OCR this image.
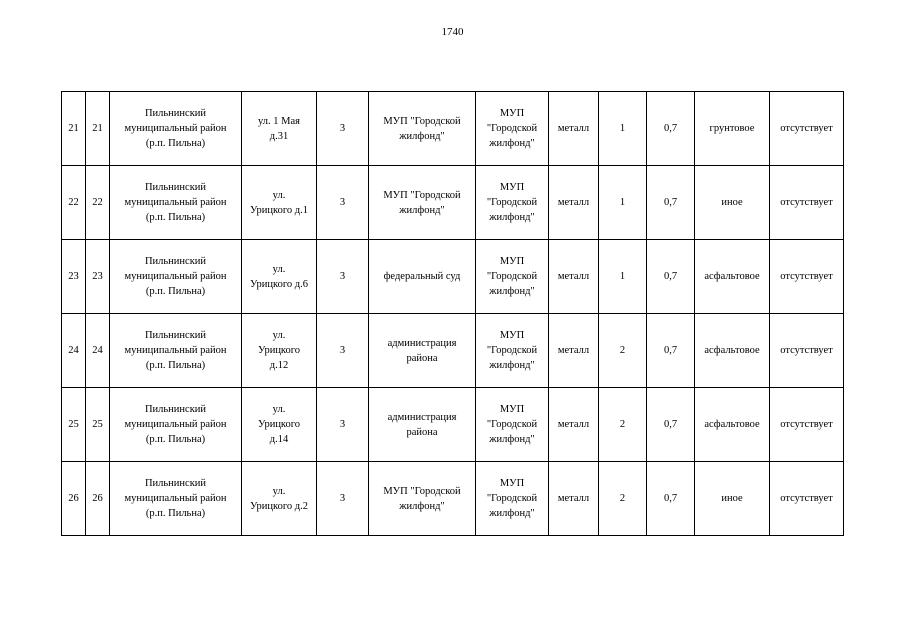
1740
21	21	Пильнинский
муниципальный район
(р.п. Пильна)	ул. 1 Мая
д.31	3	МУП "Городской
жилфонд"	МУП
"Городской
жилфонд"	металл	1	0,7	грунтовое	отсутствует

22	22	Пильнинский
муниципальный район
(р.п. Пильна)	ул.
Урицкого д.1	3	МУП "Городской
жилфонд"	МУП
"Городской
жилфонд"	металл	1	0,7	иное	отсутствует

23	23	Пильнинский
муниципальный район
(р.п. Пильна)	ул.
Урицкого д.6	3	федеральный суд	МУП
"Городской
жилфонд"	металл	1	0,7	асфальтовое	отсутствует

24	24	Пильнинский
муниципальный район
(р.п. Пильна)	ул.
Урицкого
д.12	3	администрация
района	МУП
"Городской
жилфонд"	металл	2	0,7	асфальтовое	отсутствует

25	25	Пильнинский
муниципальный район
(р.п. Пильна)	ул.
Урицкого
д.14	3	администрация
района	МУП
"Городской
жилфонд"	металл	2	0,7	асфальтовое	отсутствует

26	26	Пильнинский
муниципальный район
(р.п. Пильна)	ул.
Урицкого д.2	3	МУП "Городской
жилфонд"	МУП
"Городской
жилфонд"	металл	2	0,7	иное	отсутствует
